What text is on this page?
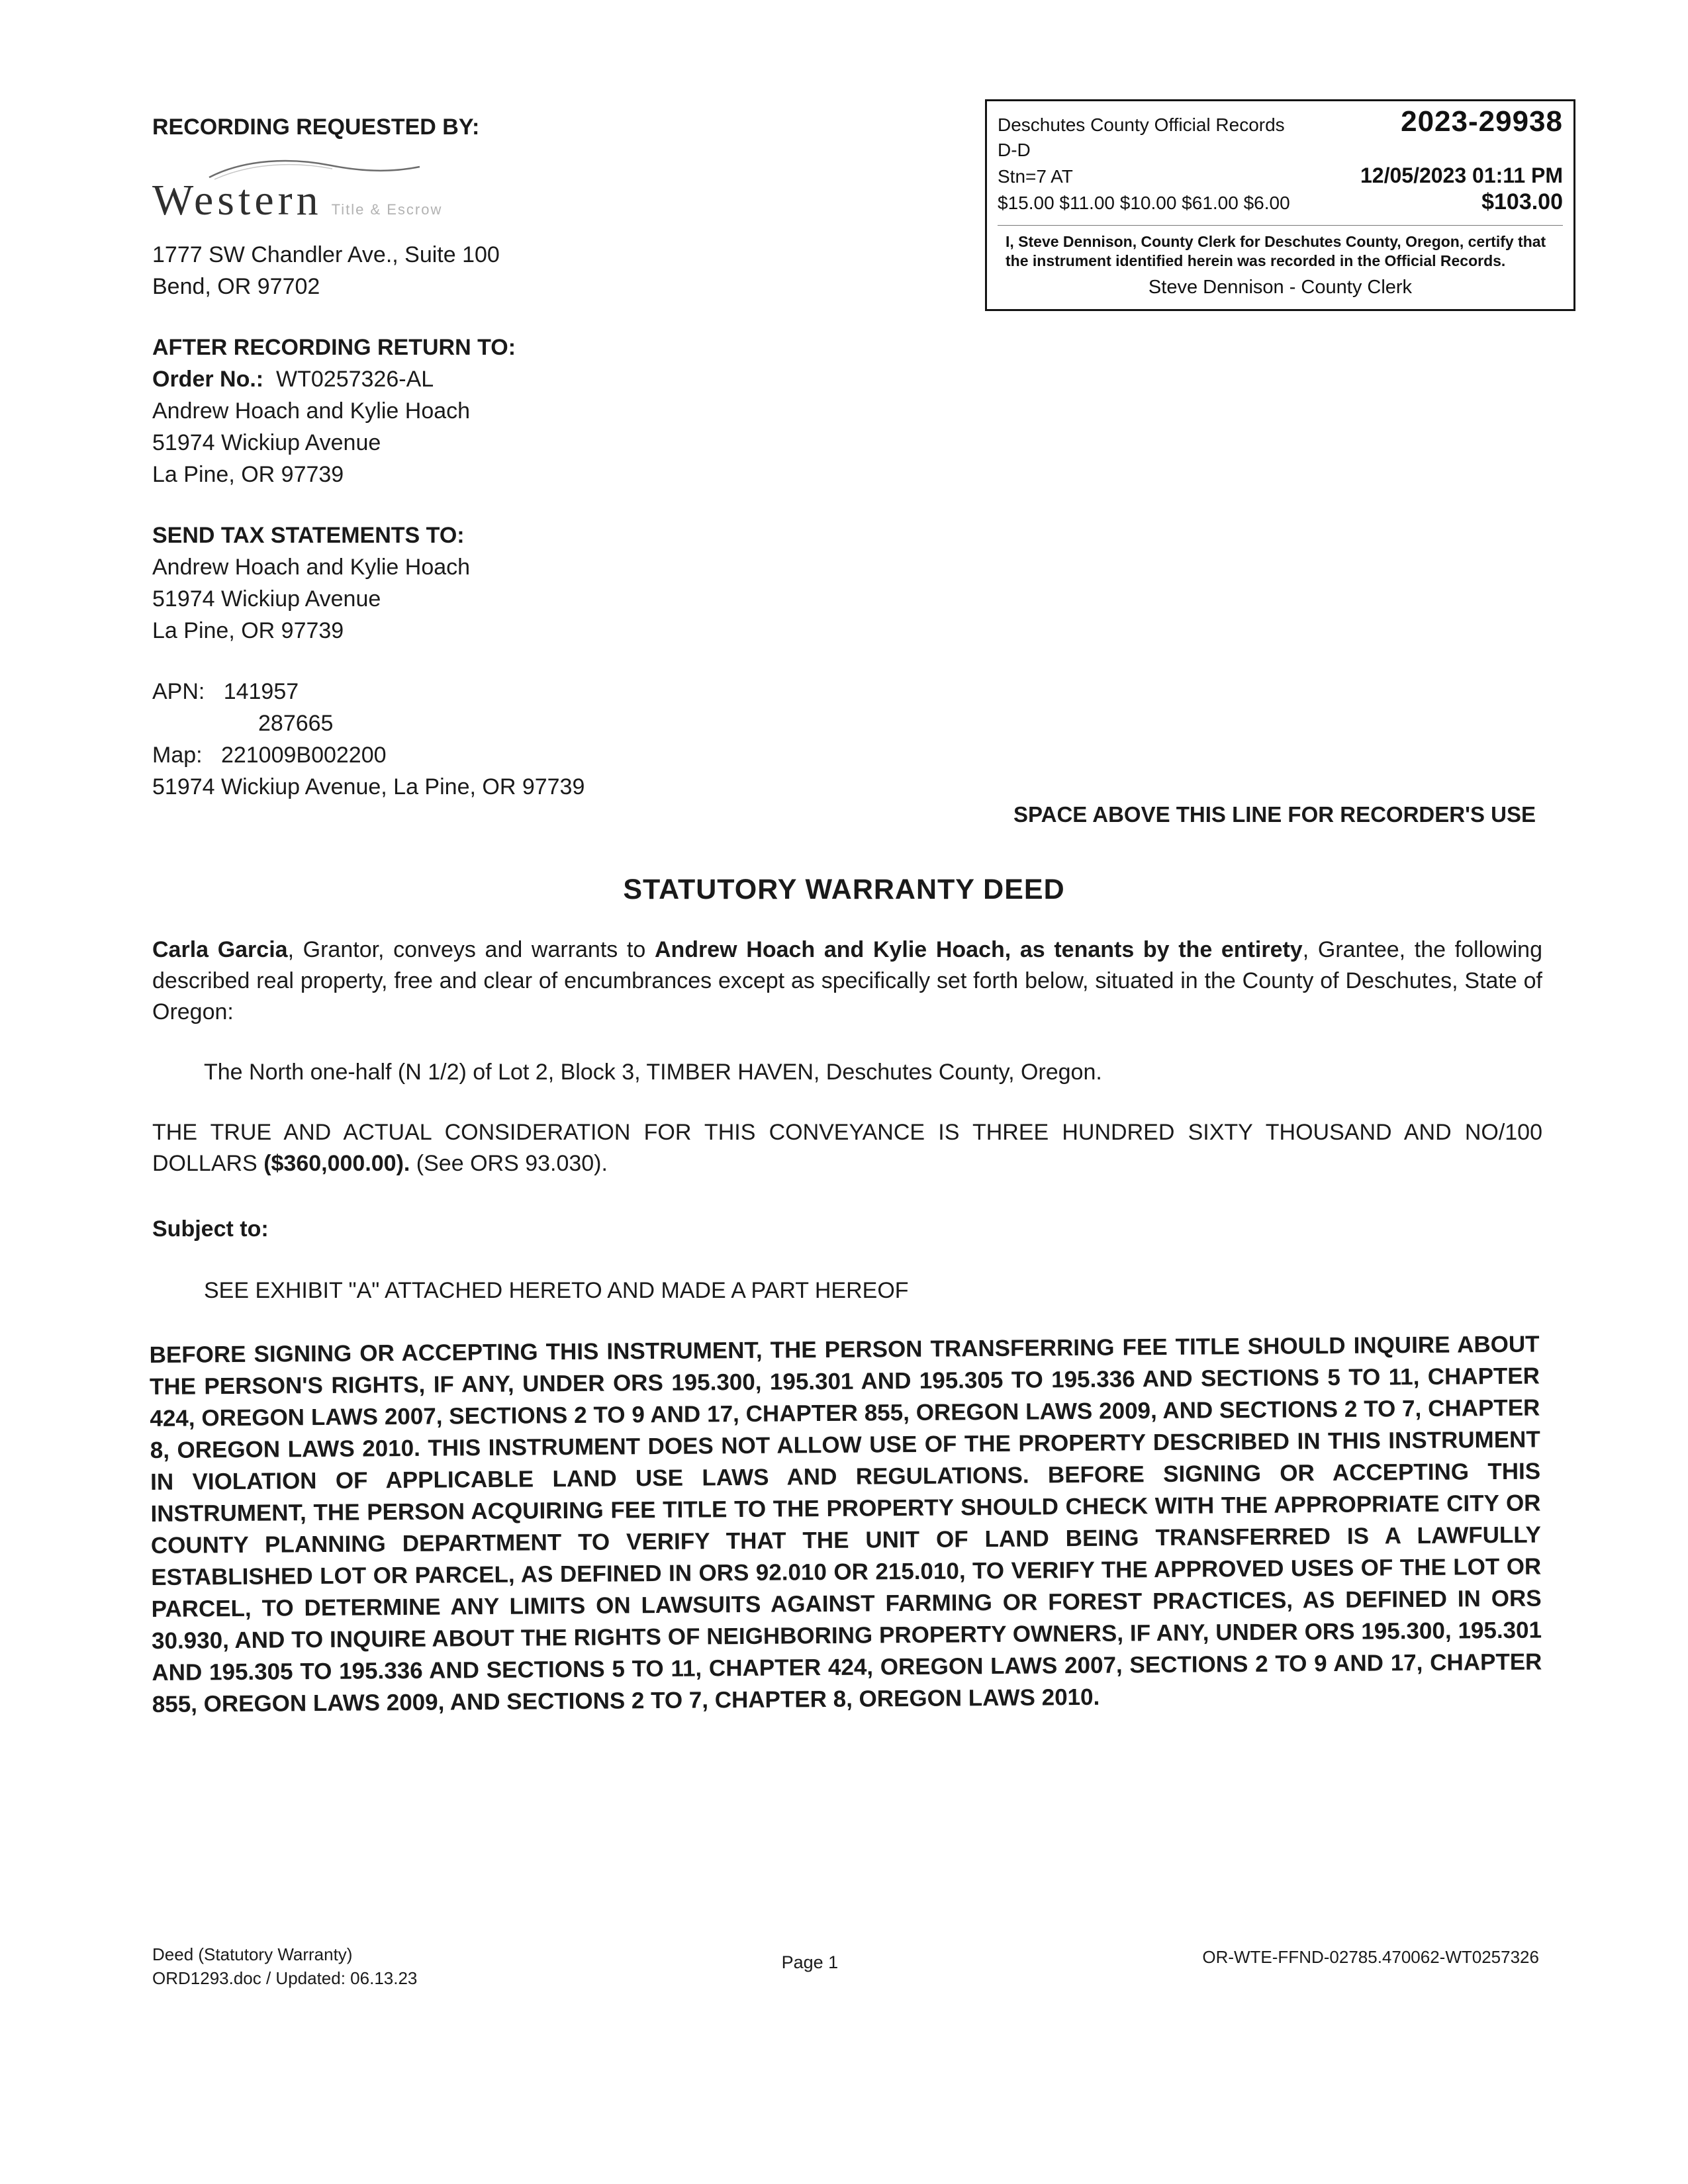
RECORDING REQUESTED BY:
Western Title & Escrow
1777 SW Chandler Ave., Suite 100
Bend, OR 97702
AFTER RECORDING RETURN TO:
Order No.: WT0257326-AL
Andrew Hoach and Kylie Hoach
51974 Wickiup Avenue
La Pine, OR 97739
SEND TAX STATEMENTS TO:
Andrew Hoach and Kylie Hoach
51974 Wickiup Avenue
La Pine, OR 97739
APN: 141957
287665
Map: 221009B002200
51974 Wickiup Avenue, La Pine, OR 97739
Deschutes County Official Records	2023-29938
D-D
Stn=7 AT	12/05/2023 01:11 PM
$15.00 $11.00 $10.00 $61.00 $6.00	$103.00
I, Steve Dennison, County Clerk for Deschutes County, Oregon, certify that the instrument identified herein was recorded in the Official Records.
Steve Dennison - County Clerk
SPACE ABOVE THIS LINE FOR RECORDER'S USE
STATUTORY WARRANTY DEED
Carla Garcia, Grantor, conveys and warrants to Andrew Hoach and Kylie Hoach, as tenants by the entirety, Grantee, the following described real property, free and clear of encumbrances except as specifically set forth below, situated in the County of Deschutes, State of Oregon:
The North one-half (N 1/2) of Lot 2, Block 3, TIMBER HAVEN, Deschutes County, Oregon.
THE TRUE AND ACTUAL CONSIDERATION FOR THIS CONVEYANCE IS THREE HUNDRED SIXTY THOUSAND AND NO/100 DOLLARS ($360,000.00). (See ORS 93.030).
Subject to:
SEE EXHIBIT "A" ATTACHED HERETO AND MADE A PART HEREOF
BEFORE SIGNING OR ACCEPTING THIS INSTRUMENT, THE PERSON TRANSFERRING FEE TITLE SHOULD INQUIRE ABOUT THE PERSON'S RIGHTS, IF ANY, UNDER ORS 195.300, 195.301 AND 195.305 TO 195.336 AND SECTIONS 5 TO 11, CHAPTER 424, OREGON LAWS 2007, SECTIONS 2 TO 9 AND 17, CHAPTER 855, OREGON LAWS 2009, AND SECTIONS 2 TO 7, CHAPTER 8, OREGON LAWS 2010. THIS INSTRUMENT DOES NOT ALLOW USE OF THE PROPERTY DESCRIBED IN THIS INSTRUMENT IN VIOLATION OF APPLICABLE LAND USE LAWS AND REGULATIONS. BEFORE SIGNING OR ACCEPTING THIS INSTRUMENT, THE PERSON ACQUIRING FEE TITLE TO THE PROPERTY SHOULD CHECK WITH THE APPROPRIATE CITY OR COUNTY PLANNING DEPARTMENT TO VERIFY THAT THE UNIT OF LAND BEING TRANSFERRED IS A LAWFULLY ESTABLISHED LOT OR PARCEL, AS DEFINED IN ORS 92.010 OR 215.010, TO VERIFY THE APPROVED USES OF THE LOT OR PARCEL, TO DETERMINE ANY LIMITS ON LAWSUITS AGAINST FARMING OR FOREST PRACTICES, AS DEFINED IN ORS 30.930, AND TO INQUIRE ABOUT THE RIGHTS OF NEIGHBORING PROPERTY OWNERS, IF ANY, UNDER ORS 195.300, 195.301 AND 195.305 TO 195.336 AND SECTIONS 5 TO 11, CHAPTER 424, OREGON LAWS 2007, SECTIONS 2 TO 9 AND 17, CHAPTER 855, OREGON LAWS 2009, AND SECTIONS 2 TO 7, CHAPTER 8, OREGON LAWS 2010.
Deed (Statutory Warranty)
ORD1293.doc / Updated: 06.13.23
Page 1	OR-WTE-FFND-02785.470062-WT0257326
